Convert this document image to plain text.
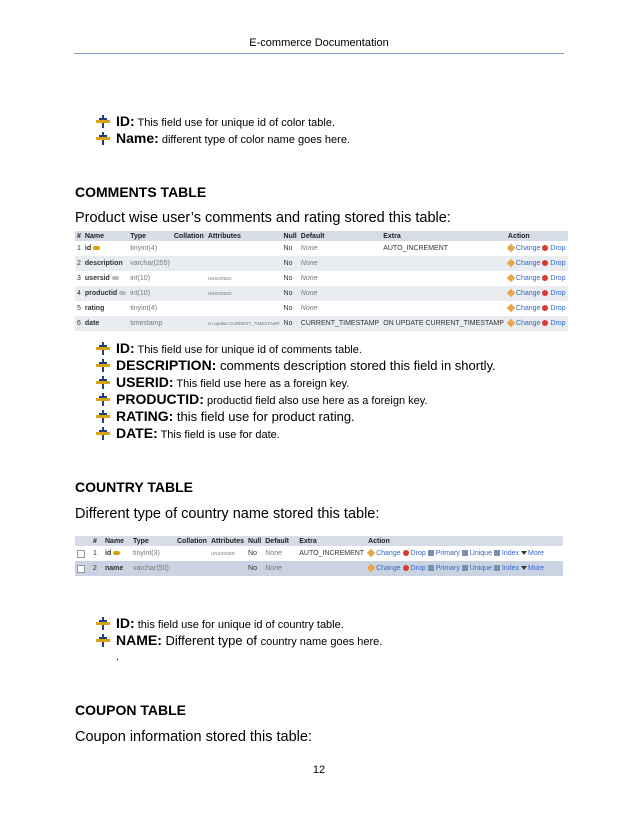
E-commerce Documentation
ID: This field use for unique id of color table.
Name: different type of color name goes here.
COMMENTS TABLE
Product wise user’s comments and rating stored this table:
#	Name	Type	Collation	Attributes	Null	Default	Extra	Action
1	id	tinyint(4)			No	None	AUTO_INCREMENT	Change Drop
2	description	varchar(255)			No	None		Change Drop
3	usersid	int(10)		UNSIGNED	No	None		Change Drop
4	productid	int(10)		UNSIGNED	No	None		Change Drop
5	rating	tinyint(4)			No	None		Change Drop
6	date	timestamp		on update CURRENT_TIMESTAMP	No	CURRENT_TIMESTAMP	ON UPDATE CURRENT_TIMESTAMP	Change Drop
ID: This field use for unique id of comments table.
DESCRIPTION: comments description stored this field in shortly.
USERID: This field use here as a foreign key.
PRODUCTID: productid field also use here as a foreign key.
RATING: this field use for product rating.
DATE: This field is use for date.
COUNTRY TABLE
Different type of country name stored this table:
	#	Name	Type	Collation	Attributes	Null	Default	Extra	Action
	1	id	tinyint(3)		UNSIGNED	No	None	AUTO_INCREMENT	Change Drop Primary Unique Index More
	2	name	varchar(50)			No	None		Change Drop Primary Unique Index More
ID: this field use for unique id of country table.
NAME: Different type of country name goes here.
.
COUPON TABLE
Coupon information stored this table:
12
